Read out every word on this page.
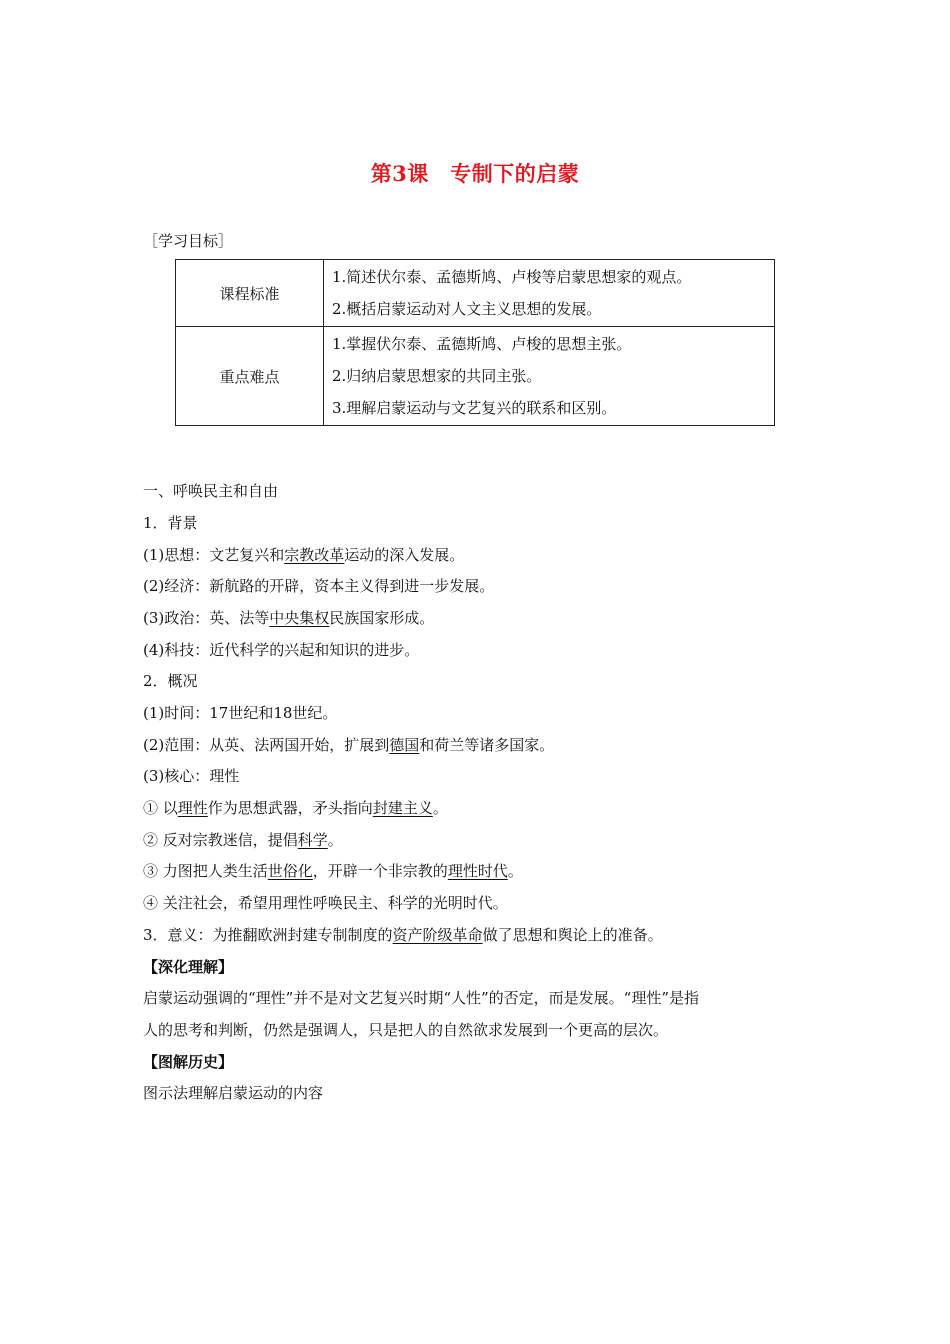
第3课　专制下的启蒙
［学习目标］
课程标准	1.简述伏尔泰、孟德斯鸠、卢梭等启蒙思想家的观点。
2.概括启蒙运动对人文主义思想的发展。

重点难点	1.掌握伏尔泰、孟德斯鸠、卢梭的思想主张。
2.归纳启蒙思想家的共同主张。
3.理解启蒙运动与文艺复兴的联系和区别。
一、呼唤民主和自由
1．背景
(1)思想：文艺复兴和宗教改革运动的深入发展。
(2)经济：新航路的开辟，资本主义得到进一步发展。
(3)政治：英、法等中央集权民族国家形成。
(4)科技：近代科学的兴起和知识的进步。
2．概况
(1)时间：17世纪和18世纪。
(2)范围：从英、法两国开始，扩展到德国和荷兰等诸多国家。
(3)核心：理性
① 以理性作为思想武器，矛头指向封建主义。
② 反对宗教迷信，提倡科学。
③ 力图把人类生活世俗化，开辟一个非宗教的理性时代。
④ 关注社会，希望用理性呼唤民主、科学的光明时代。
3．意义：为推翻欧洲封建专制制度的资产阶级革命做了思想和舆论上的准备。
【深化理解】
启蒙运动强调的“理性”并不是对文艺复兴时期“人性”的否定，而是发展。“理性”是指
人的思考和判断，仍然是强调人，只是把人的自然欲求发展到一个更高的层次。
【图解历史】
图示法理解启蒙运动的内容
